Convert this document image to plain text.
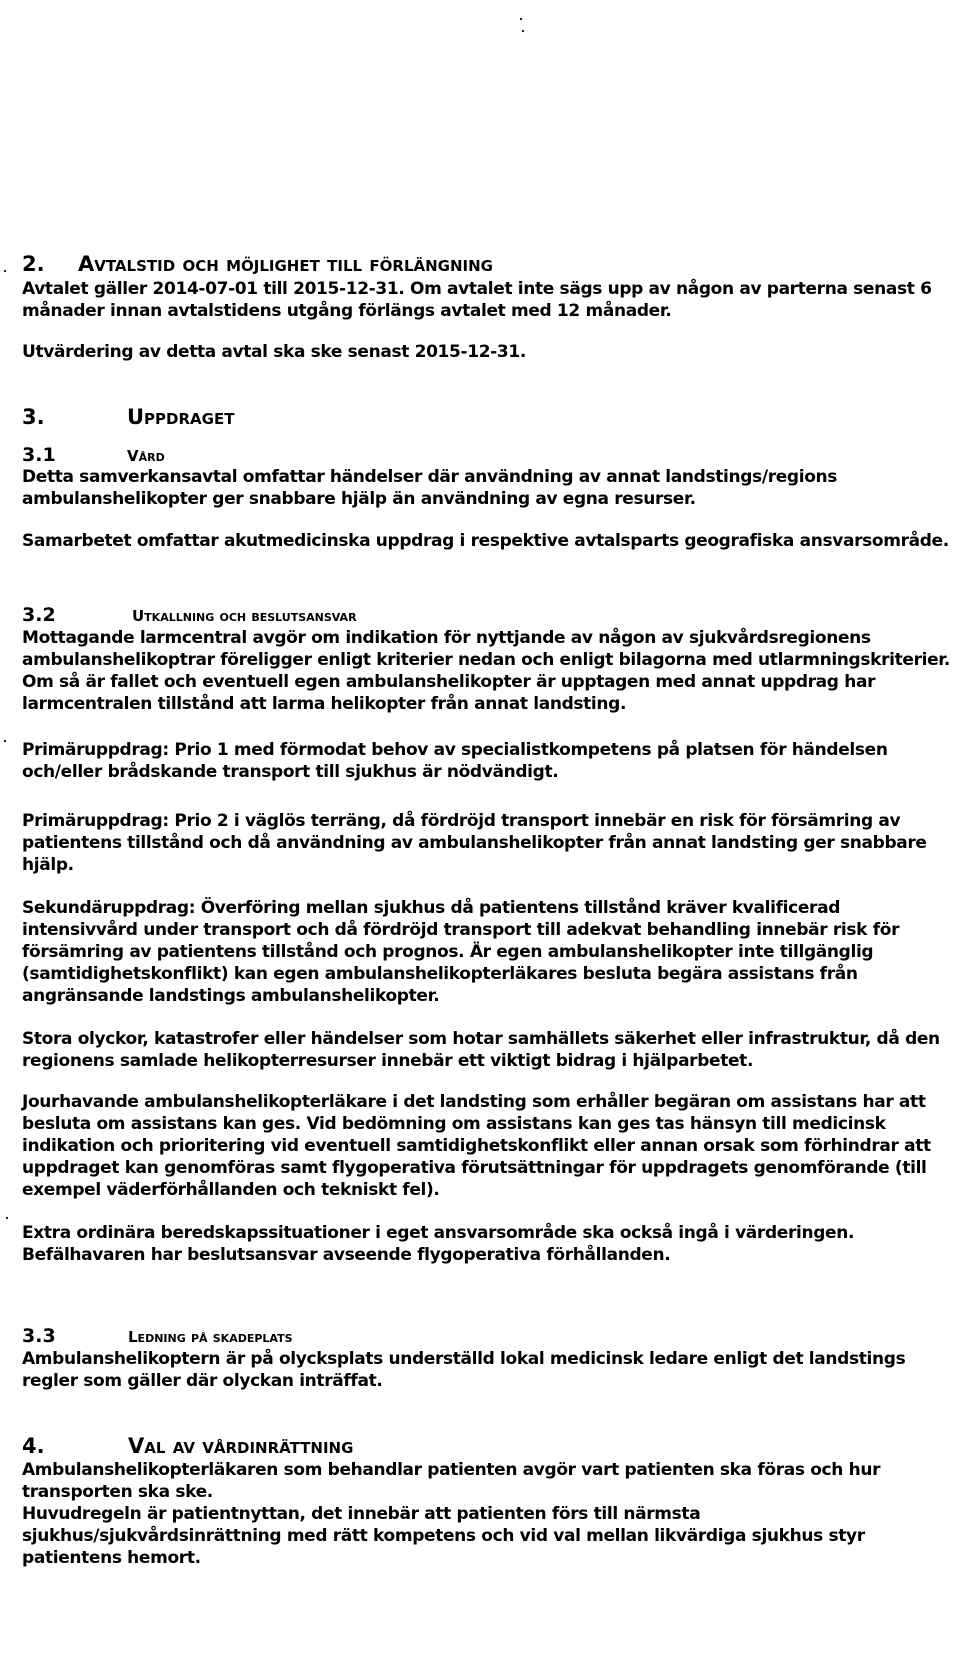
2. Avtalstid och möjlighet till förlängning
Avtalet gäller 2014-07-01 till 2015-12-31. Om avtalet inte sägs upp av någon av parterna senast 6
månader innan avtalstidens utgång förlängs avtalet med 12 månader.
Utvärdering av detta avtal ska ske senast 2015-12-31.
3.	Uppdraget
3.1	Vård
Detta samverkansavtal omfattar händelser där användning av annat landstings/regions
ambulanshelikopter ger snabbare hjälp än användning av egna resurser.
Samarbetet omfattar akutmedicinska uppdrag i respektive avtalsparts geografiska ansvarsområde.
3.2	Utkallning och beslutsansvar
Mottagande larmcentral avgör om indikation för nyttjande av någon av sjukvårdsregionens
ambulanshelikoptrar föreligger enligt kriterier nedan och enligt bilagorna med utlarmningskriterier.
Om så är fallet och eventuell egen ambulanshelikopter är upptagen med annat uppdrag har
larmcentralen tillstånd att larma helikopter från annat landsting.
Primäruppdrag: Prio 1 med förmodat behov av specialistkompetens på platsen för händelsen
och/eller brådskande transport till sjukhus är nödvändigt.
Primäruppdrag: Prio 2 i väglös terräng, då fördröjd transport innebär en risk för försämring av
patientens tillstånd och då användning av ambulanshelikopter från annat landsting ger snabbare
hjälp.
Sekundäruppdrag: Överföring mellan sjukhus då patientens tillstånd kräver kvalificerad
intensivvård under transport och då fördröjd transport till adekvat behandling innebär risk för
försämring av patientens tillstånd och prognos. Är egen ambulanshelikopter inte tillgänglig
(samtidighetskonflikt) kan egen ambulanshelikopterläkares besluta begära assistans från
angränsande landstings ambulanshelikopter.
Stora olyckor, katastrofer eller händelser som hotar samhällets säkerhet eller infrastruktur, då den
regionens samlade helikopterresurser innebär ett viktigt bidrag i hjälparbetet.
Jourhavande ambulanshelikopterläkare i det landsting som erhåller begäran om assistans har att
besluta om assistans kan ges. Vid bedömning om assistans kan ges tas hänsyn till medicinsk
indikation och prioritering vid eventuell samtidighetskonflikt eller annan orsak som förhindrar att
uppdraget kan genomföras samt flygoperativa förutsättningar för uppdragets genomförande (till
exempel väderförhållanden och tekniskt fel).
Extra ordinära beredskapssituationer i eget ansvarsområde ska också ingå i värderingen.
Befälhavaren har beslutsansvar avseende flygoperativa förhållanden.
3.3	Ledning på skadeplats
Ambulanshelikoptern är på olycksplats underställd lokal medicinsk ledare enligt det landstings
regler som gäller där olyckan inträffat.
4.	Val av vårdinrättning
Ambulanshelikopterläkaren som behandlar patienten avgör vart patienten ska föras och hur
transporten ska ske.
Huvudregeln är patientnyttan, det innebär att patienten förs till närmsta
sjukhus/sjukvårdsinrättning med rätt kompetens och vid val mellan likvärdiga sjukhus styr
patientens hemort.
